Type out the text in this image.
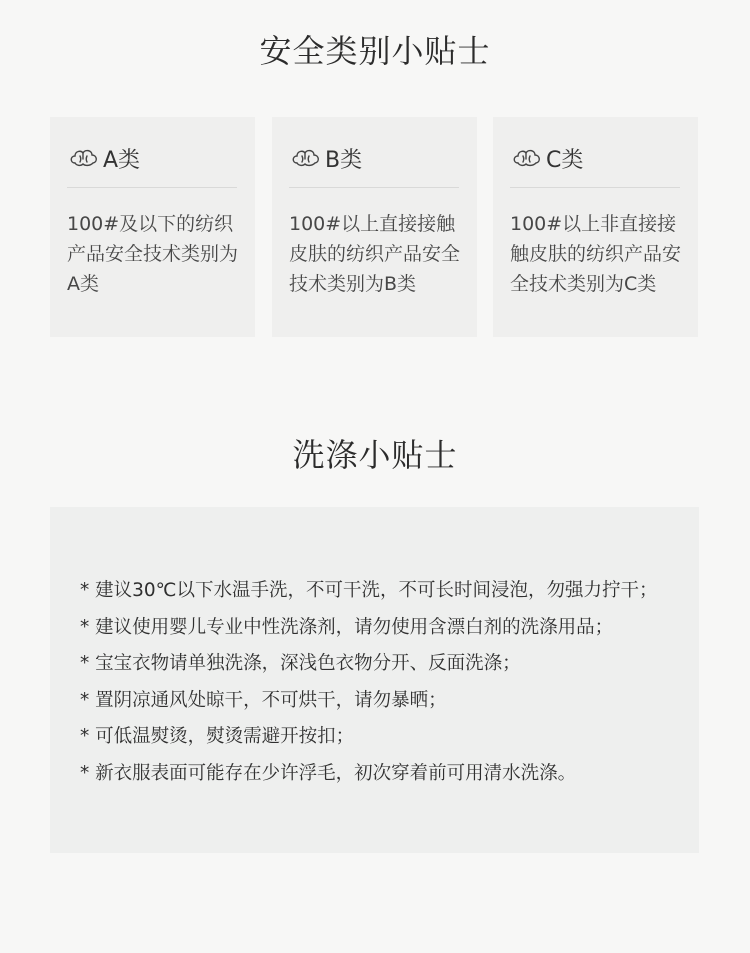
安全类别小贴士
A类
100#及以下的纺织产品安全技术类别为A类
B类
100#以上直接接触皮肤的纺织产品安全技术类别为B类
C类
100#以上非直接接触皮肤的纺织产品安全技术类别为C类
洗涤小贴士
* 建议30℃以下水温手洗，不可干洗，不可长时间浸泡，勿强力拧干；
* 建议使用婴儿专业中性洗涤剂，请勿使用含漂白剂的洗涤用品；
* 宝宝衣物请单独洗涤，深浅色衣物分开、反面洗涤；
* 置阴凉通风处晾干，不可烘干，请勿暴晒；
* 可低温熨烫，熨烫需避开按扣；
* 新衣服表面可能存在少许浮毛，初次穿着前可用清水洗涤。
